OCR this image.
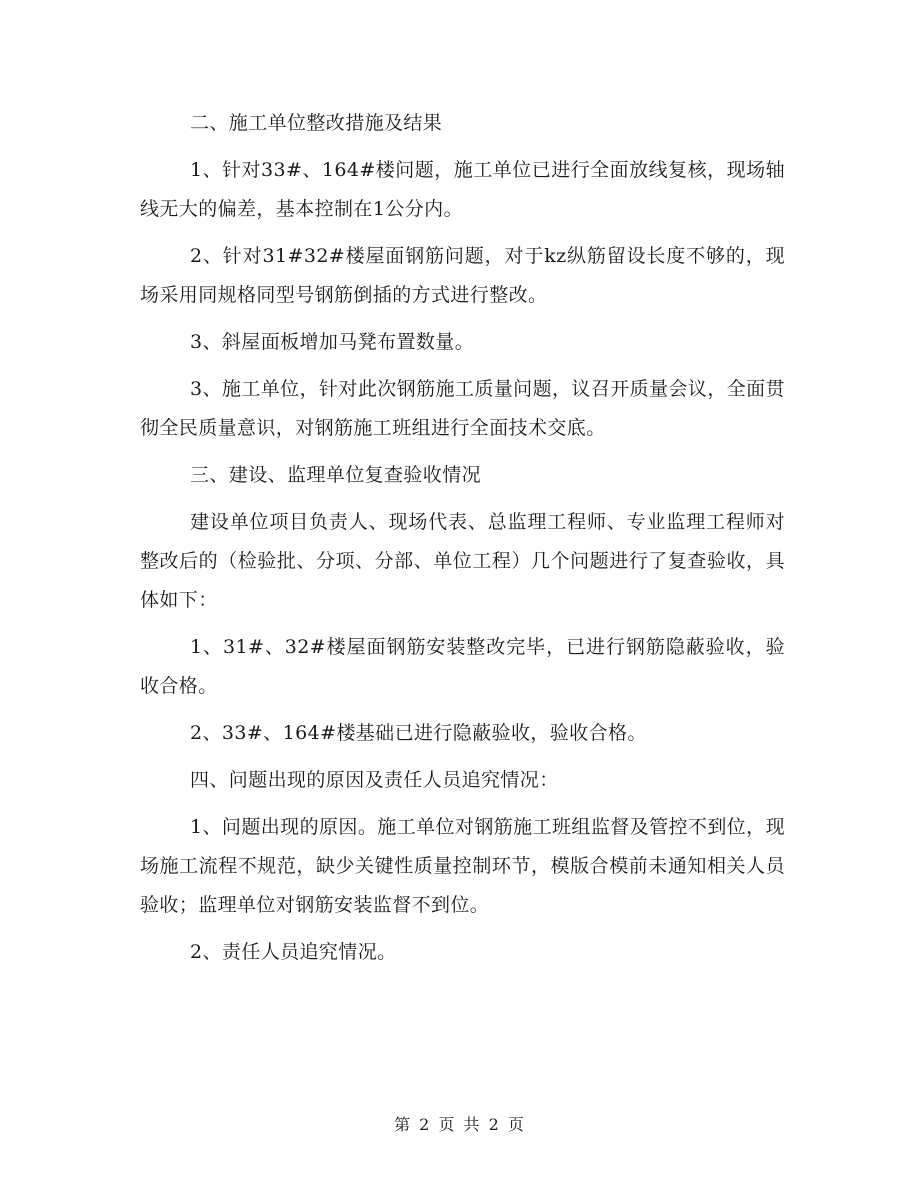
二、施工单位整改措施及结果

1、针对33#、164#楼问题，施工单位已进行全面放线复核，现场轴线无大的偏差，基本控制在1公分内。

2、针对31#32#楼屋面钢筋问题，对于kz纵筋留设长度不够的，现场采用同规格同型号钢筋倒插的方式进行整改。

3、斜屋面板增加马凳布置数量。

3、施工单位，针对此次钢筋施工质量问题，议召开质量会议，全面贯彻全民质量意识，对钢筋施工班组进行全面技术交底。

三、建设、监理单位复查验收情况

建设单位项目负责人、现场代表、总监理工程师、专业监理工程师对整改后的（检验批、分项、分部、单位工程）几个问题进行了复查验收，具体如下：

1、31#、32#楼屋面钢筋安装整改完毕，已进行钢筋隐蔽验收，验收合格。

2、33#、164#楼基础已进行隐蔽验收，验收合格。

四、问题出现的原因及责任人员追究情况：

1、问题出现的原因。施工单位对钢筋施工班组监督及管控不到位，现场施工流程不规范，缺少关键性质量控制环节，模版合模前未通知相关人员验收；监理单位对钢筋安装监督不到位。

2、责任人员追究情况。

第 2 页 共 2 页
